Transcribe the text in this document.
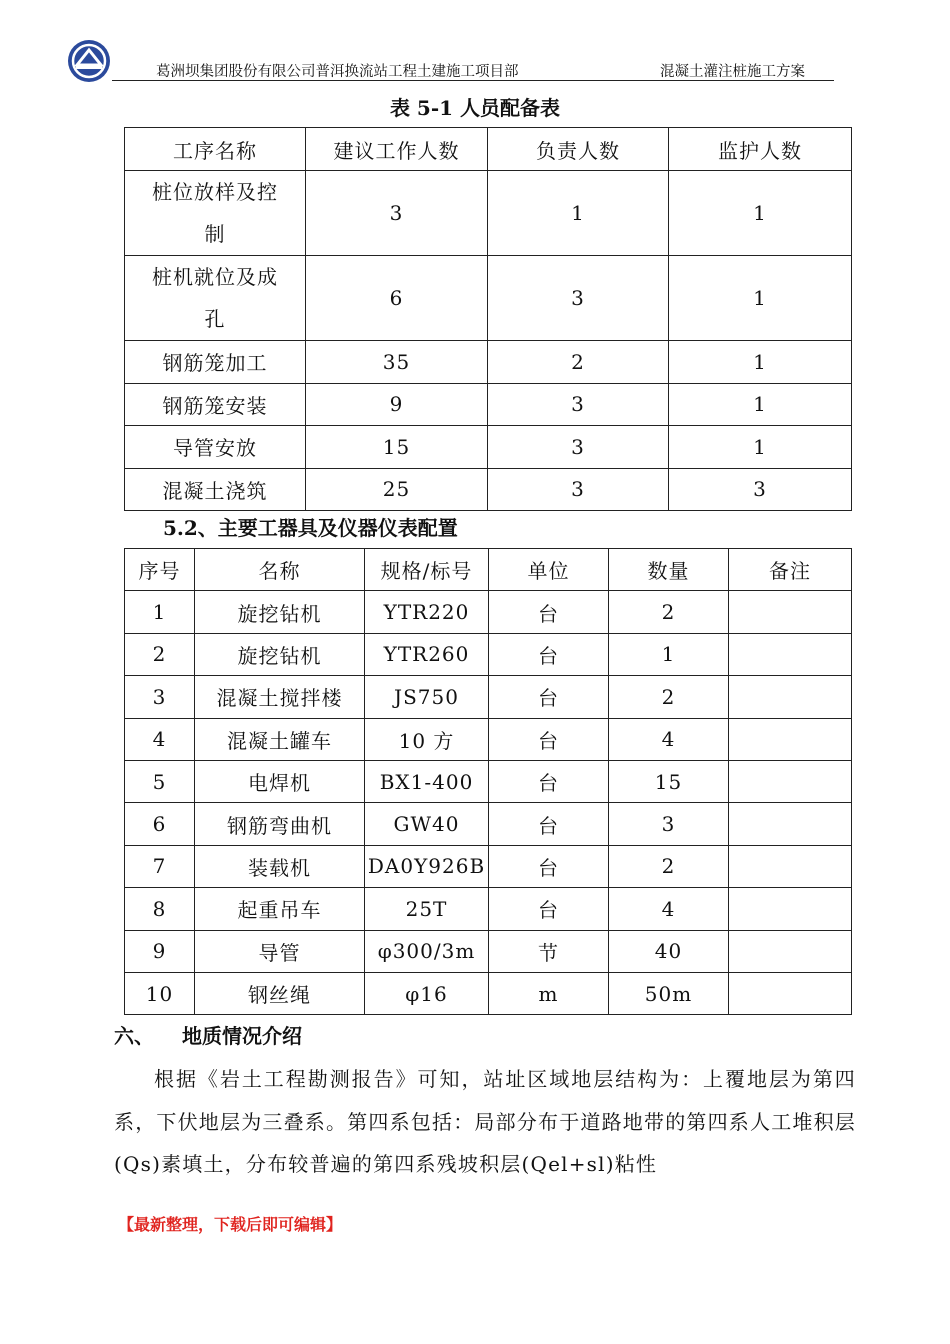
葛洲坝集团股份有限公司普洱换流站工程土建施工项目部	混凝土灌注桩施工方案
表 5-1 人员配备表
工序名称	建议工作人数	负责人数	监护人数
桩位放样及控制	3	1	1
桩机就位及成孔	6	3	1
钢筋笼加工	35	2	1
钢筋笼安装	9	3	1
导管安放	15	3	1
混凝土浇筑	25	3	3
5.2、主要工器具及仪器仪表配置
序号	名称	规格/标号	单位	数量	备注
1	旋挖钻机	YTR220	台	2	
2	旋挖钻机	YTR260	台	1	
3	混凝土搅拌楼	JS750	台	2	
4	混凝土罐车	10 方	台	4	
5	电焊机	BX1-400	台	15	
6	钢筋弯曲机	GW40	台	3	
7	装载机	DA0Y926B	台	2	
8	起重吊车	25T	台	4	
9	导管	φ300/3m	节	40	
10	钢丝绳	φ16	m	50m	
六、 地质情况介绍

根据《岩土工程勘测报告》可知，站址区域地层结构为：上覆地层为第四系，下伏地层为三叠系。第四系包括：局部分布于道路地带的第四系人工堆积层(Qs)素填土，分布较普遍的第四系残坡积层(Qel+sl)粘性

【最新整理，下载后即可编辑】
